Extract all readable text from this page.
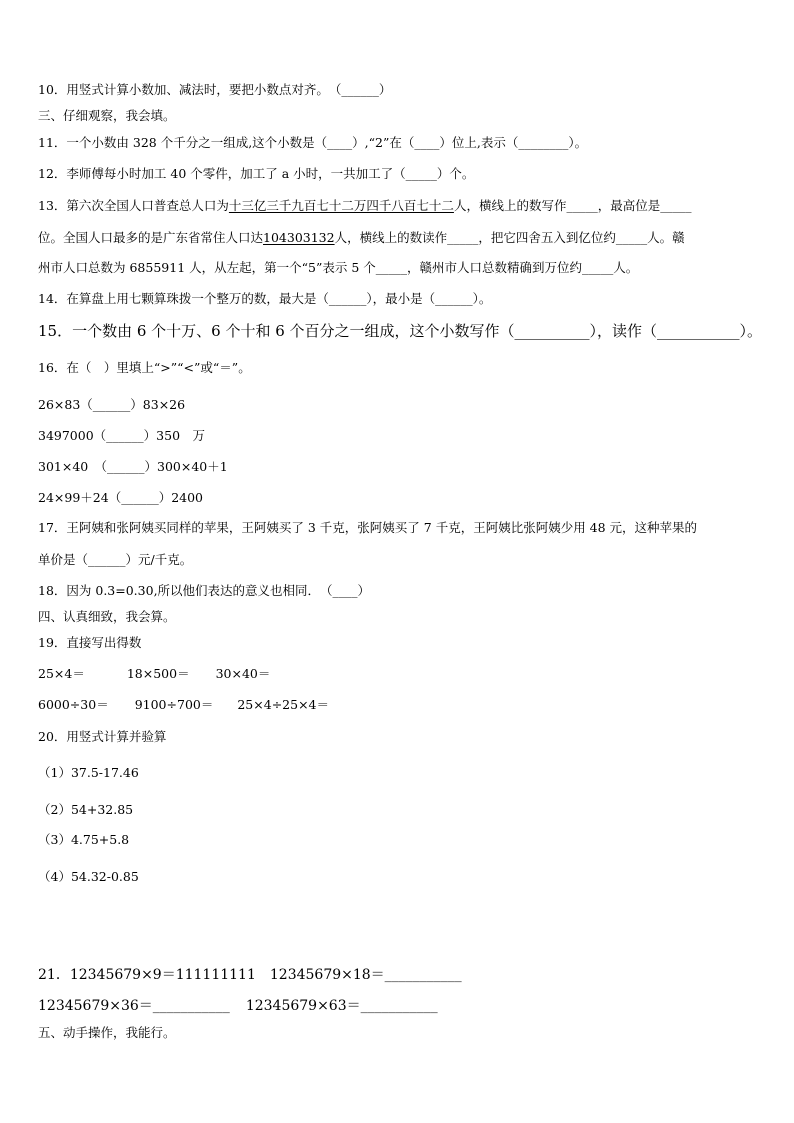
10．用竖式计算小数加、减法时，要把小数点对齐。　（______）
三、仔细观察，我会填。
11．一个小数由 328 个千分之一组成,这个小数是（____）,“2”在（____）位上,表示（________）。
12．李师傅每小时加工 40 个零件，加工了 a 小时，一共加工了（_____）个。
13．第六次全国人口普查总人口为十三亿三千九百七十二万四千八百七十二人，横线上的数写作_____，最高位是_____
位。全国人口最多的是广东省常住人口达104303132人，横线上的数读作_____，把它四舍五入到亿位约_____人。赣
州市人口总数为 6855911 人，从左起，第一个“5”表示 5 个_____，赣州市人口总数精确到万位约_____人。
14．在算盘上用七颗算珠拨一个整万的数，最大是（______），最小是（______）。
15．一个数由 6 个十万、6 个十和 6 个百分之一组成，这个小数写作（__________），读作（___________）。
16．在（　）里填上“>”“<”或“＝”。
26×83（______）83×26
3497000（______）350　万
301×40　（______）300×40＋1
24×99＋24（______）2400
17．王阿姨和张阿姨买同样的苹果，王阿姨买了 3 千克，张阿姨买了 7 千克，王阿姨比张阿姨少用 48 元，这种苹果的
单价是（______）元/千克。
18．因为 0.3=0.30,所以他们表达的意义也相同．　（____）
四、认真细致，我会算。
19．直接写出得数
25×4＝	18×500＝ 30×40＝
6000÷30＝ 9100÷700＝ 25×4÷25×4＝
20．用竖式计算并验算
（1）37.5-17.46
（2）54+32.85
（3）4.75+5.8
（4）54.32-0.85
21．12345679×9＝111111111 12345679×18＝___________
12345679×36＝___________ 12345679×63＝___________
五、动手操作，我能行。
